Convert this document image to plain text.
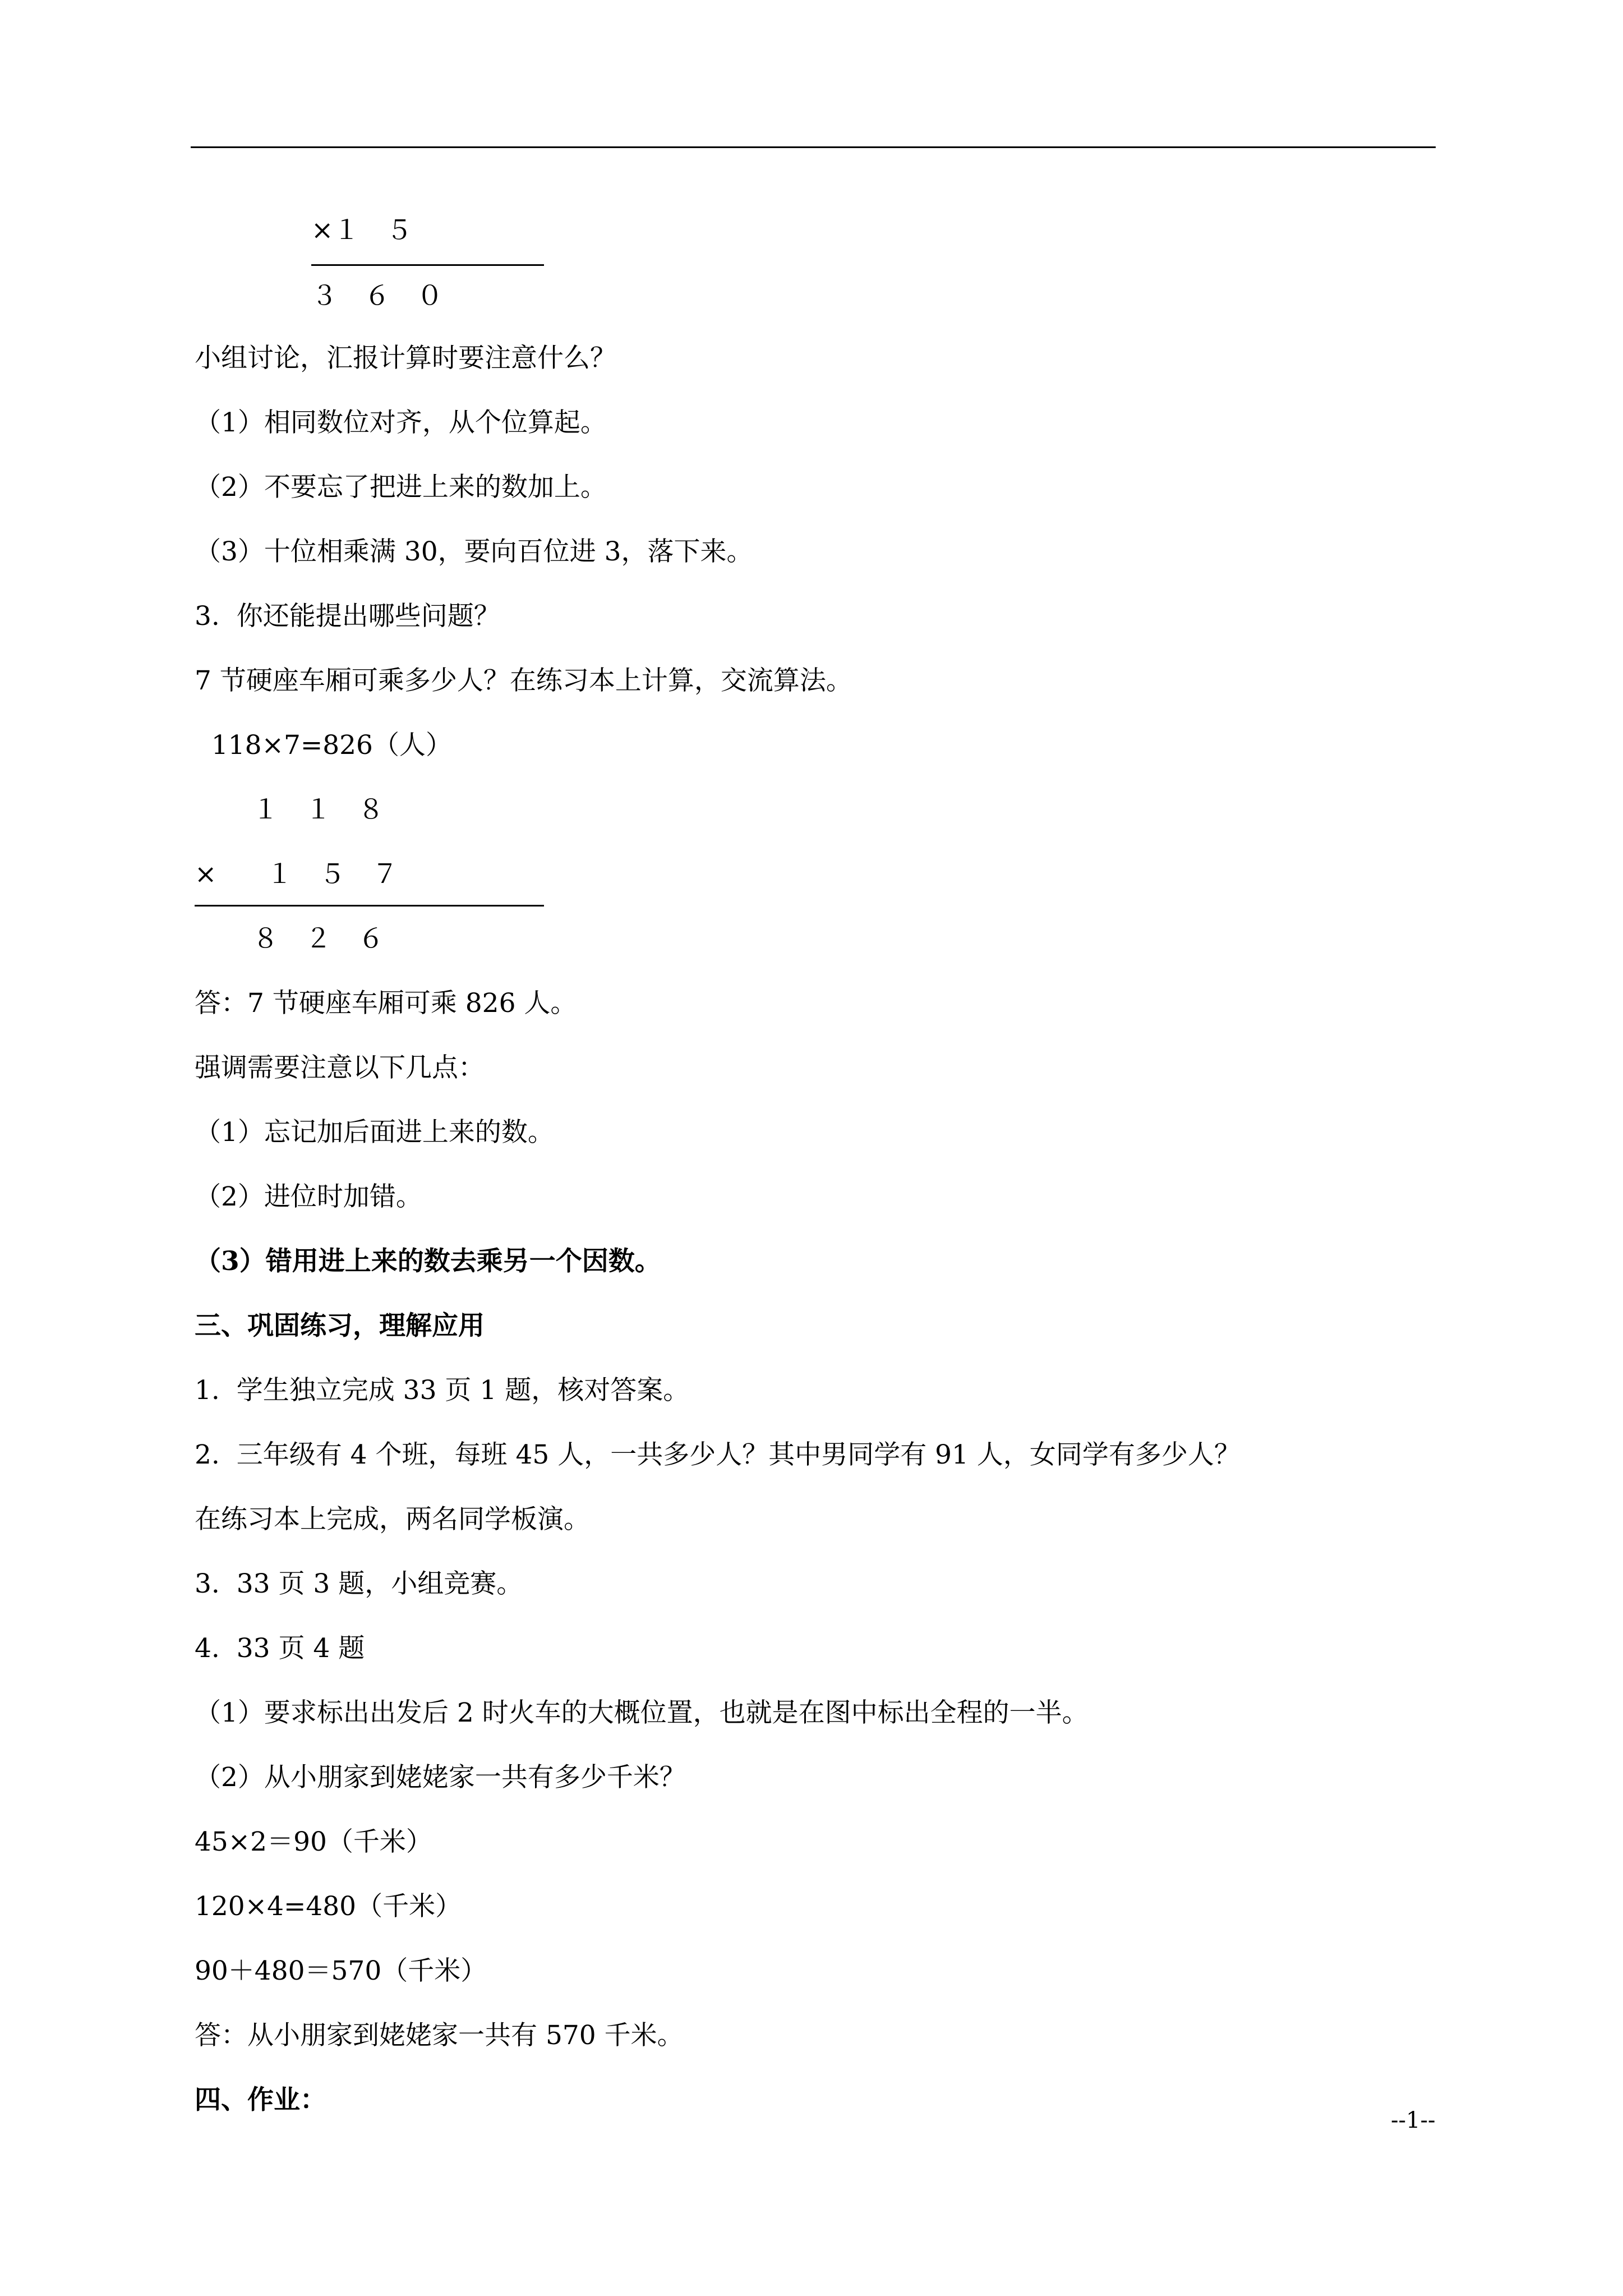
×１　５
３　６　０
小组讨论，汇报计算时要注意什么？
（1）相同数位对齐，从个位算起。
（2）不要忘了把进上来的数加上。
（3）十位相乘满 30，要向百位进 3，落下来。
3.  你还能提出哪些问题？
7 节硬座车厢可乘多少人？在练习本上计算，交流算法。
118×7=826（人）
１　１　８
× １　５　７
８　２　６
答：7 节硬座车厢可乘 826 人。
强调需要注意以下几点：
（1）忘记加后面进上来的数。
（2）进位时加错。
（3）错用进上来的数去乘另一个因数。
三、巩固练习，理解应用
1.  学生独立完成 33 页 1 题，核对答案。
2.  三年级有 4 个班，每班 45 人，一共多少人？其中男同学有 91 人，女同学有多少人？
在练习本上完成，两名同学板演。
3.  33 页 3 题，小组竞赛。
4.  33 页 4 题
（1）要求标出出发后 2 时火车的大概位置，也就是在图中标出全程的一半。
（2）从小朋家到姥姥家一共有多少千米？
45×2＝90（千米）
120×4=480（千米）
90＋480＝570（千米）
答：从小朋家到姥姥家一共有 570 千米。
四、作业：
--1--
